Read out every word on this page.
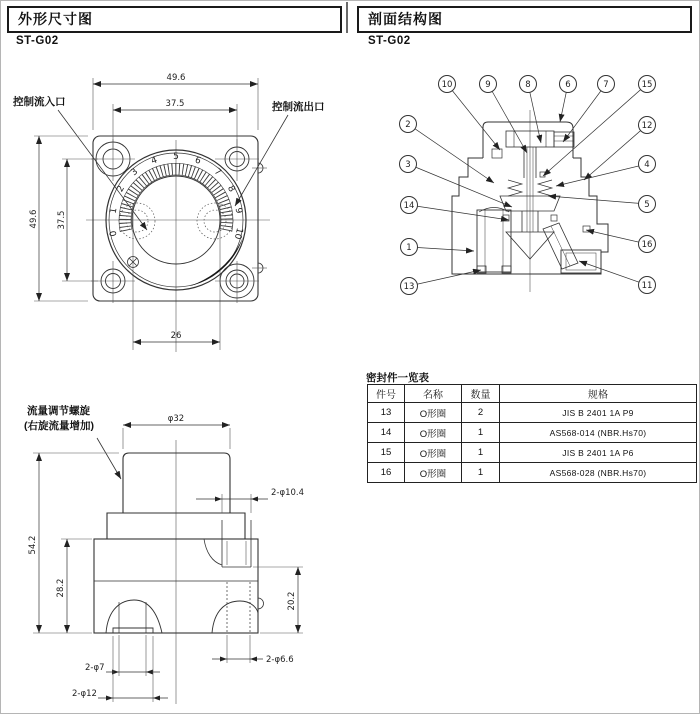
外形尺寸图
ST-G02
剖面结构图
ST-G02
控制流入口	控制流出口
流量调节螺旋
(右旋流量增加)
密封件一览表
件号	名称	数量	规格
13	O形圈	2	JIS B 2401 1A P9
14	O形圈	1	AS568-014 (NBR.Hs70)
15	O形圈	1	JIS B 2401 1A P6
16	O形圈	1	AS568-028 (NBR.Hs70)
0
1
2
3
4 5 6
7
8
9
10
49.6
37.5
49.6 37.5
26
10	9	8	6	7	15
2	12
3	4
14	5
1	16
13	11
φ32
2-φ10.4
54.2
28.2
20.2
2-φ6.6
2-φ7
2-φ12
